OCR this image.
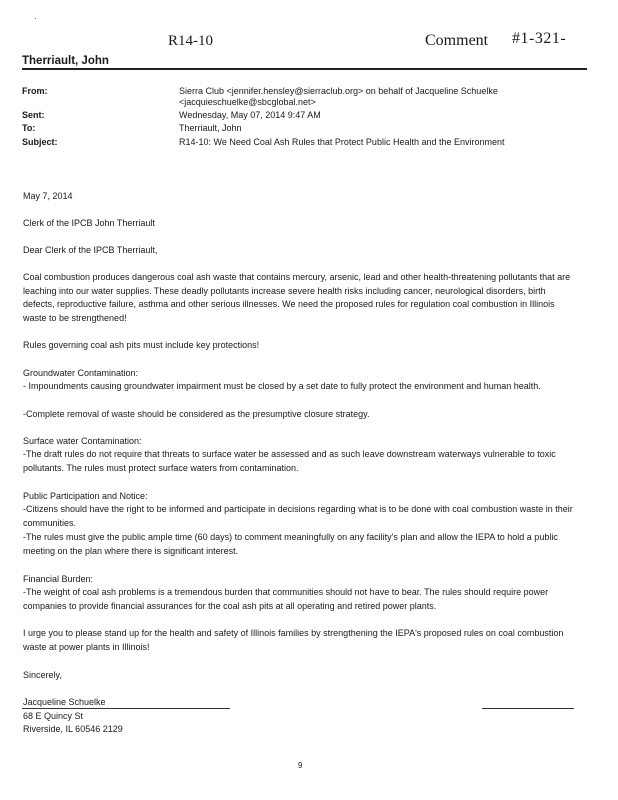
·
R14-10	Comment #1-321-
Therriault, John
From:	Sierra Club <jennifer.hensley@sierraclub.org> on behalf of Jacqueline Schuelke <jacquieschuelke@sbcglobal.net>
Sent:	Wednesday, May 07, 2014 9:47 AM
To:	Therriault, John
Subject:	R14-10: We Need Coal Ash Rules that Protect Public Health and the Environment
May 7, 2014
Clerk of the IPCB John Therriault
Dear Clerk of the IPCB Therriault,
Coal combustion produces dangerous coal ash waste that contains mercury, arsenic, lead and other health-threatening pollutants that are leaching into our water supplies. These deadly pollutants increase severe health risks including cancer, neurological disorders, birth defects, reproductive failure, asthma and other serious illnesses. We need the proposed rules for regulation coal combustion in Illinois waste to be strengthened!
Rules governing coal ash pits must include key protections!
Groundwater Contamination:
- Impoundments causing groundwater impairment must be closed by a set date to fully protect the environment and human health.
-Complete removal of waste should be considered as the presumptive closure strategy.
Surface water Contamination:
-The draft rules do not require that threats to surface water be assessed and as such leave downstream waterways vulnerable to toxic pollutants. The rules must protect surface waters from contamination.
Public Participation and Notice:
-Citizens should have the right to be informed and participate in decisions regarding what is to be done with coal combustion waste in their communities.
-The rules must give the public ample time (60 days) to comment meaningfully on any facility's plan and allow the IEPA to hold a public meeting on the plan where there is significant interest.
Financial Burden:
-The weight of coal ash problems is a tremendous burden that communities should not have to bear. The rules should require power companies to provide financial assurances for the coal ash pits at all operating and retired power plants.
I urge you to please stand up for the health and safety of Illinois families by strengthening the IEPA's proposed rules on coal combustion waste at power plants in Illinois!
Sincerely,
Jacqueline Schuelke
68 E Quincy St
Riverside, IL 60546 2129
9
